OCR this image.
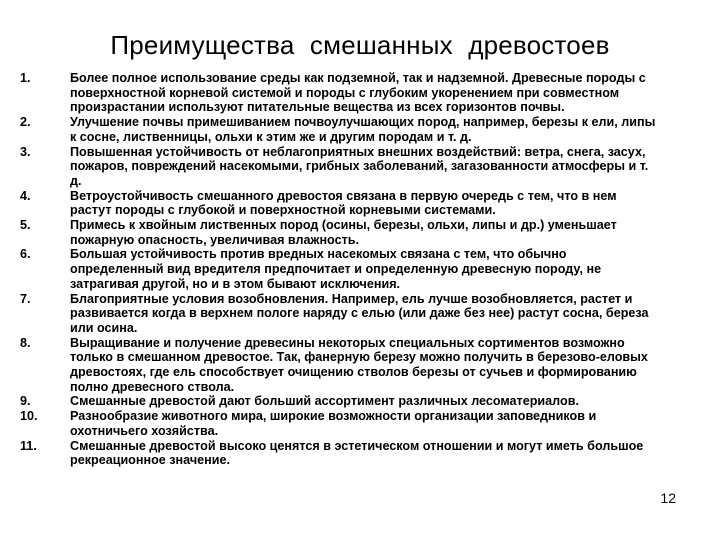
Преимущества смешанных древостоев
1.	Более полное использование среды как подземной, так и надземной. Древесные породы с поверхностной корневой системой и породы с глубоким укоренением при совместном произрастании используют питательные вещества из всех горизонтов почвы.
2.	Улучшение почвы примешиванием почвоулучшающих пород, например, березы к ели, липы к сосне, лиственницы, ольхи к этим же и другим породам и т. д.
3.	Повышенная устойчивость от неблагоприятных внешних воздействий: ветра, снега, засух, пожаров, повреждений насекомыми, грибных заболеваний, загазованности атмосферы и т. д.
4.	Ветроустойчивость смешанного древостоя связана в первую очередь с тем, что в нем растут породы с глубокой и поверхностной корневыми системами.
5.	Примесь к хвойным лиственных пород (осины, березы, ольхи, липы и др.) уменьшает пожарную опасность, увеличивая влажность.
6.	Большая устойчивость против вредных насекомых связана с тем, что обычно определенный вид вредителя предпочитает и определенную древесную породу, не затрагивая другой, но и в этом бывают исключения.
7.	Благоприятные условия возобновления. Например, ель лучше возобновляется, растет и развивается когда в верхнем пологе наряду с елью (или даже без нее) растут сосна, береза или осина.
8.	Выращивание и получение древесины некоторых специальных сортиментов возможно только в смешанном древостое. Так, фанерную березу можно получить в березово-еловых древостоях, где ель способствует очищению стволов березы от сучьев и формированию полно древесного ствола.
9.	Смешанные древостой дают больший ассортимент различных лесоматериалов.
10.	Разнообразие животного мира, широкие возможности организации заповедников и охотничьего хозяйства.
11.	Смешанные древостой высоко ценятся в эстетическом отношении и могут иметь большое рекреационное значение.
12
